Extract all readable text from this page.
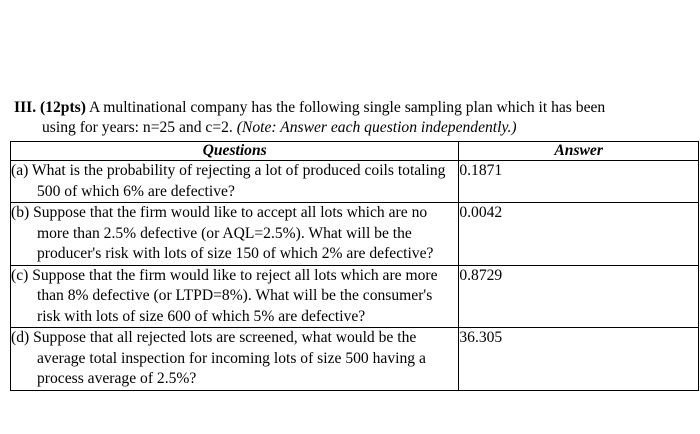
III. (12pts) A multinational company has the following single sampling plan which it has been
using for years: n=25 and c=2. (Note: Answer each question independently.)
Questions	Answer

(a) What is the probability of rejecting a lot of produced coils totaling 500 of which 6% are defective?	0.1871

(b) Suppose that the firm would like to accept all lots which are no more than 2.5% defective (or AQL=2.5%). What will be the producer's risk with lots of size 150 of which 2% are defective?	0.0042

(c) Suppose that the firm would like to reject all lots which are more than 8% defective (or LTPD=8%). What will be the consumer's risk with lots of size 600 of which 5% are defective?	0.8729

(d) Suppose that all rejected lots are screened, what would be the average total inspection for incoming lots of size 500 having a process average of 2.5%?	36.305
